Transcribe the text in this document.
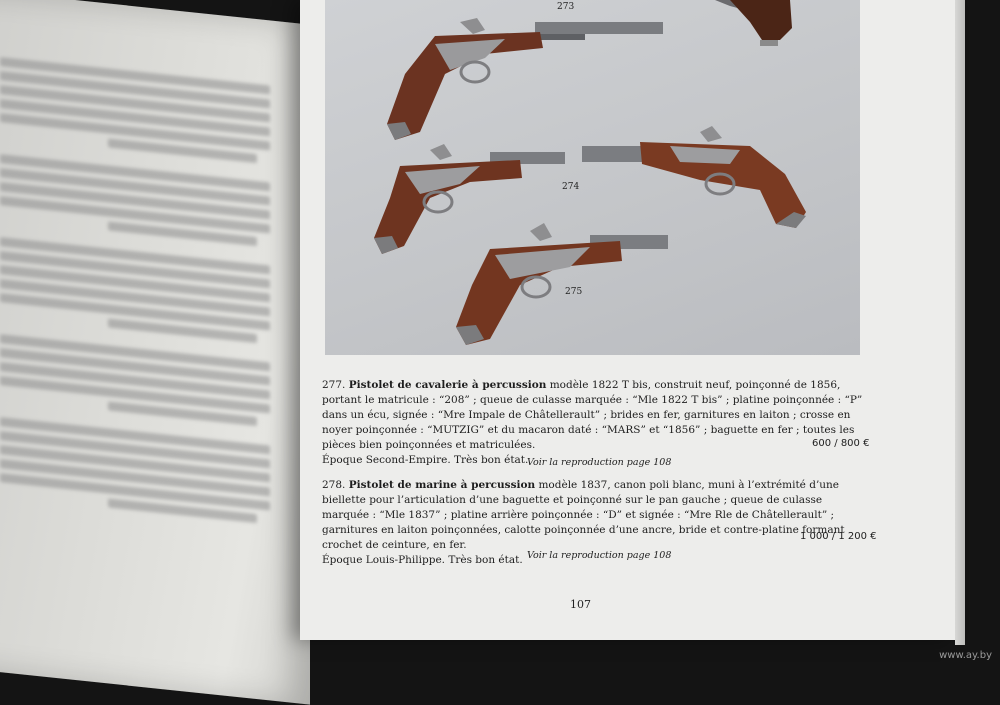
274
275
273
277. Pistolet de cavalerie à percussion modèle 1822 T bis, construit neuf, poinçonné de 1856, portant le matricule : “208” ; queue de culasse marquée : “Mle 1822 T bis” ; platine poinçonnée : “P” dans un écu, signée : “Mre Impale de Châtellerault” ; brides en fer, garnitures en laiton ; crosse en noyer poinçonnée : “MUTZIG” et du macaron daté : “MARS” et “1856” ; baguette en fer ; toutes les pièces bien poinçonnées et matriculées.
Époque Second-Empire. Très bon état.
600 / 800 €
Voir la reproduction page 108
278. Pistolet de marine à percussion modèle 1837, canon poli blanc, muni à l’extrémité d’une biellette pour l’articulation d’une baguette et poinçonné sur le pan gauche ; queue de culasse marquée : “Mle 1837” ; platine arrière poinçonnée : “D” et signée : “Mre Rle de Châtellerault” ; garnitures en laiton poinçonnées, calotte poinçonnée d’une ancre, bride et contre-platine formant crochet de ceinture, en fer.
Époque Louis-Philippe. Très bon état.
1 000 / 1 200 €
Voir la reproduction page 108
107
www.ay.by
